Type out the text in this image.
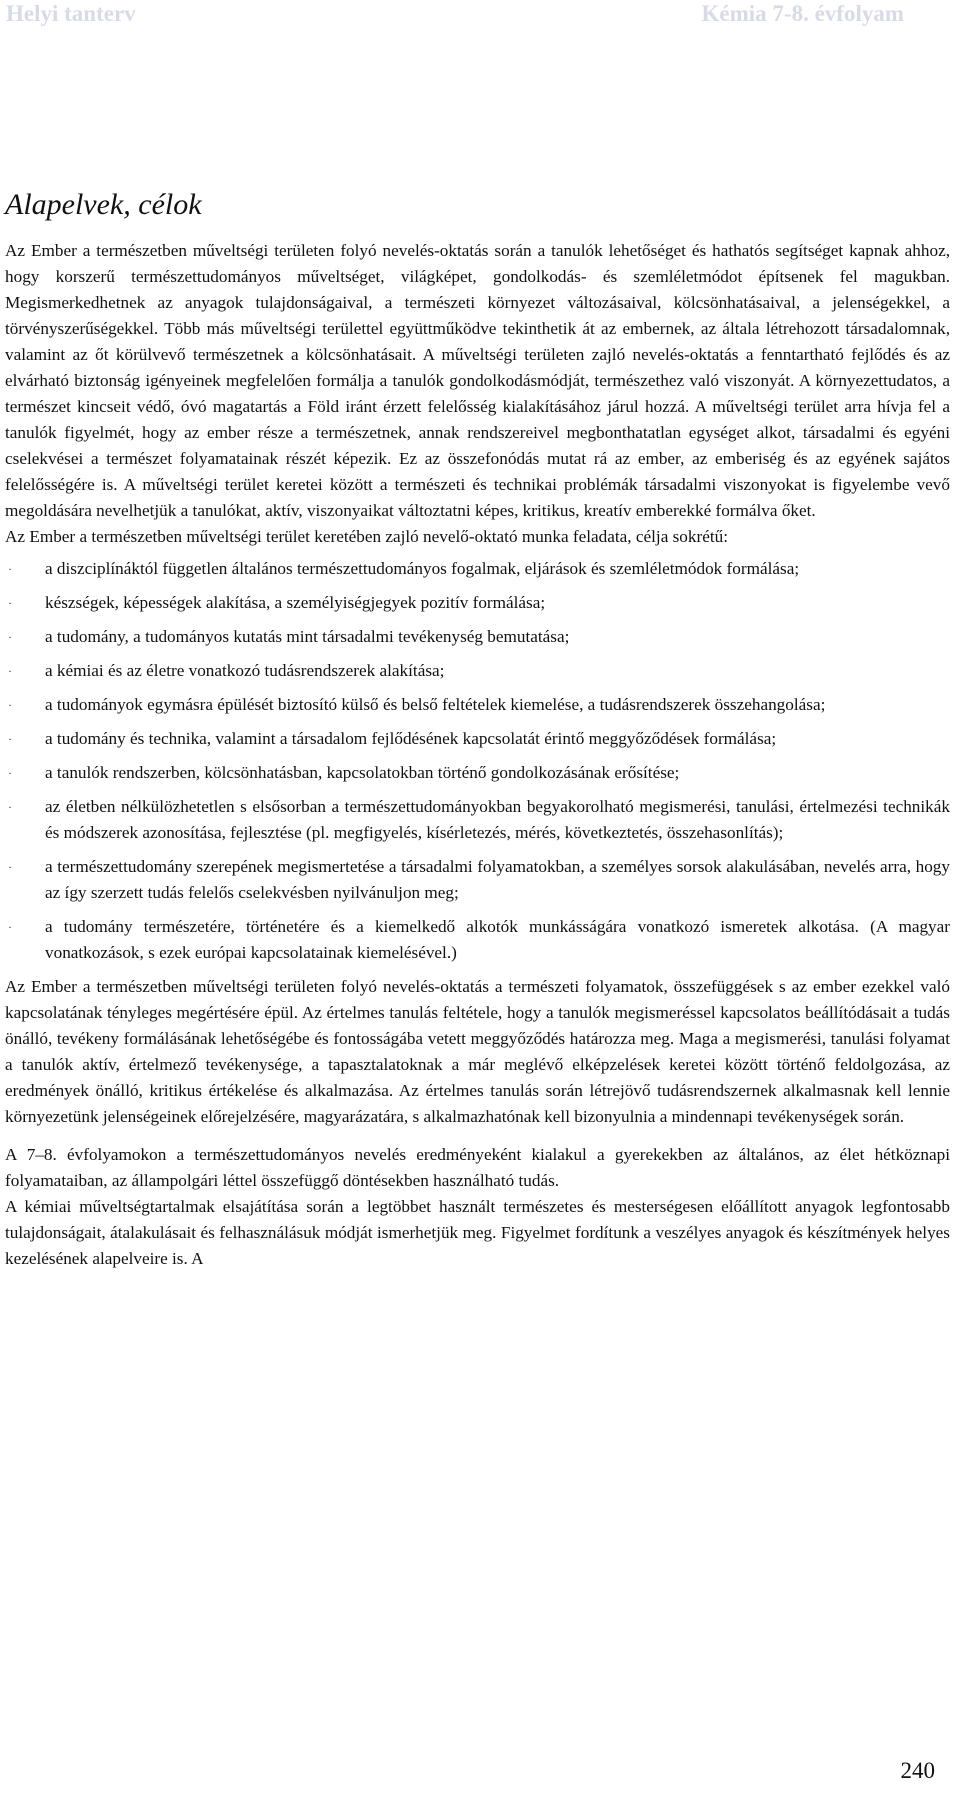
Helyi tanterv	Kémia 7-8. évfolyam
Alapelvek, célok

Az Ember a természetben műveltségi területen folyó nevelés-oktatás során a tanulók lehetőséget és hathatós segítséget kapnak ahhoz, hogy korszerű természettudományos műveltséget, világképet, gondolkodás- és szemléletmódot építsenek fel magukban. Megismerkedhetnek az anyagok tulajdonságaival, a természeti környezet változásaival, kölcsönhatásaival, a jelenségekkel, a törvényszerűségekkel. Több más műveltségi területtel együttműködve tekinthetik át az embernek, az általa létrehozott társadalomnak, valamint az őt körülvevő természetnek a kölcsönhatásait. A műveltségi területen zajló nevelés-oktatás a fenntartható fejlődés és az elvárható biztonság igényeinek megfelelően formálja a tanulók gondolkodásmódját, természethez való viszonyát. A környezettudatos, a természet kincseit védő, óvó magatartás a Föld iránt érzett felelősség kialakításához járul hozzá. A műveltségi terület arra hívja fel a tanulók figyelmét, hogy az ember része a természetnek, annak rendszereivel megbonthatatlan egységet alkot, társadalmi és egyéni cselekvései a természet folyamatainak részét képezik. Ez az összefonódás mutat rá az ember, az emberiség és az egyének sajátos felelősségére is. A műveltségi terület keretei között a természeti és technikai problémák társadalmi viszonyokat is figyelembe vevő megoldására nevelhetjük a tanulókat, aktív, viszonyaikat változtatni képes, kritikus, kreatív emberekké formálva őket.

Az Ember a természetben műveltségi terület keretében zajló nevelő-oktató munka feladata, célja sokrétű:

· a diszciplínáktól független általános természettudományos fogalmak, eljárások és szemléletmódok formálása;
· készségek, képességek alakítása, a személyiségjegyek pozitív formálása;
· a tudomány, a tudományos kutatás mint társadalmi tevékenység bemutatása;
· a kémiai és az életre vonatkozó tudásrendszerek alakítása;
· a tudományok egymásra épülését biztosító külső és belső feltételek kiemelése, a tudásrendszerek összehangolása;
· a tudomány és technika, valamint a társadalom fejlődésének kapcsolatát érintő meggyőződések formálása;
· a tanulók rendszerben, kölcsönhatásban, kapcsolatokban történő gondolkozásának erősítése;
· az életben nélkülözhetetlen s elsősorban a természettudományokban begyakorolható megismerési, tanulási, értelmezési technikák és módszerek azonosítása, fejlesztése (pl. megfigyelés, kísérletezés, mérés, következtetés, összehasonlítás);
· a természettudomány szerepének megismertetése a társadalmi folyamatokban, a személyes sorsok alakulásában, nevelés arra, hogy az így szerzett tudás felelős cselekvésben nyilvánuljon meg;
· a tudomány természetére, történetére és a kiemelkedő alkotók munkásságára vonatkozó ismeretek alkotása. (A magyar vonatkozások, s ezek európai kapcsolatainak kiemelésével.)

Az Ember a természetben műveltségi területen folyó nevelés-oktatás a természeti folyamatok, összefüggések s az ember ezekkel való kapcsolatának tényleges megértésére épül. Az értelmes tanulás feltétele, hogy a tanulók megismeréssel kapcsolatos beállítódásait a tudás önálló, tevékeny formálásának lehetőségébe és fontosságába vetett meggyőződés határozza meg. Maga a megismerési, tanulási folyamat a tanulók aktív, értelmező tevékenysége, a tapasztalatoknak a már meglévő elképzelések keretei között történő feldolgozása, az eredmények önálló, kritikus értékelése és alkalmazása. Az értelmes tanulás során létrejövő tudásrendszernek alkalmasnak kell lennie környezetünk jelenségeinek előrejelzésére, magyarázatára, s alkalmazhatónak kell bizonyulnia a mindennapi tevékenységek során.

A 7–8. évfolyamokon a természettudományos nevelés eredményeként kialakul a gyerekekben az általános, az élet hétköznapi folyamataiban, az állampolgári léttel összefüggő döntésekben használható tudás.

A kémiai műveltségtartalmak elsajátítása során a legtöbbet használt természetes és mesterségesen előállított anyagok legfontosabb tulajdonságait, átalakulásait és felhasználásuk módját ismerhetjük meg. Figyelmet fordítunk a veszélyes anyagok és készítmények helyes kezelésének alapelveire is. A

240
